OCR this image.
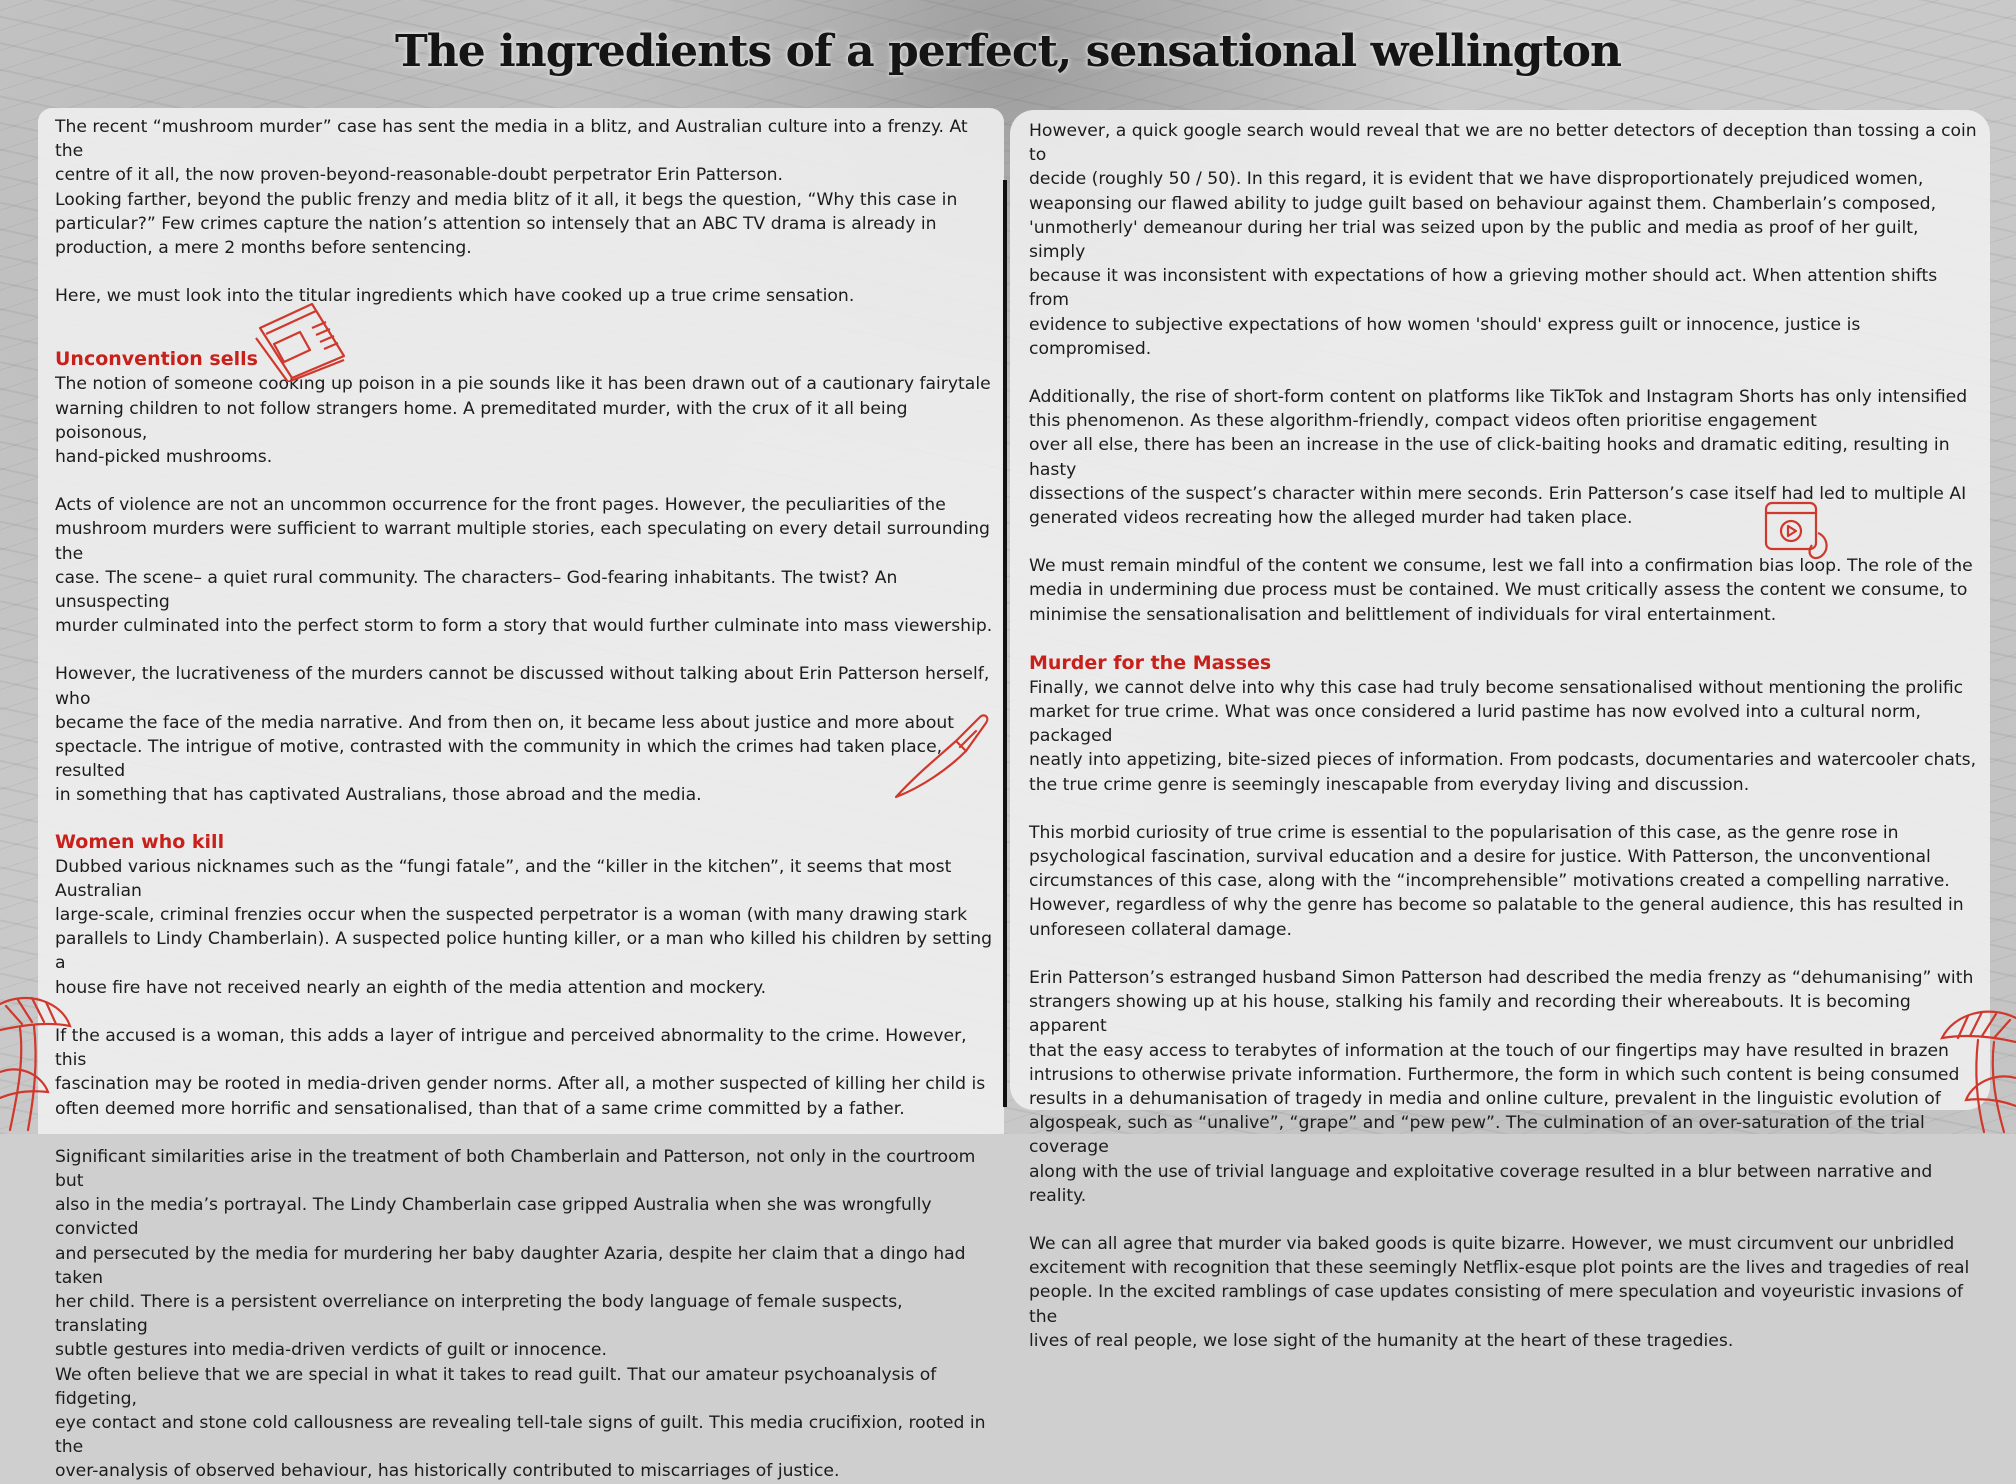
The ingredients of a perfect, sensational wellington

The recent “mushroom murder” case has sent the media in a blitz, and Australian culture into a frenzy. At the
centre of it all, the now proven-beyond-reasonable-doubt perpetrator Erin Patterson.
Looking farther, beyond the public frenzy and media blitz of it all, it begs the question, “Why this case in
particular?” Few crimes capture the nation’s attention so intensely that an ABC TV drama is already in
production, a mere 2 months before sentencing.

Here, we must look into the titular ingredients which have cooked up a true crime sensation.

Unconvention sells

The notion of someone cooking up poison in a pie sounds like it has been drawn out of a cautionary fairytale
warning children to not follow strangers home. A premeditated murder, with the crux of it all being poisonous,
hand-picked mushrooms.

Acts of violence are not an uncommon occurrence for the front pages. However, the peculiarities of the
mushroom murders were sufficient to warrant multiple stories, each speculating on every detail surrounding the
case. The scene– a quiet rural community. The characters– God-fearing inhabitants. The twist? An unsuspecting
murder culminated into the perfect storm to form a story that would further culminate into mass viewership.

However, the lucrativeness of the murders cannot be discussed without talking about Erin Patterson herself, who
became the face of the media narrative. And from then on, it became less about justice and more about
spectacle. The intrigue of motive, contrasted with the community in which the crimes had taken place, resulted
in something that has captivated Australians, those abroad and the media.

Women who kill

Dubbed various nicknames such as the “fungi fatale”, and the “killer in the kitchen”, it seems that most Australian
large-scale, criminal frenzies occur when the suspected perpetrator is a woman (with many drawing stark
parallels to Lindy Chamberlain). A suspected police hunting killer, or a man who killed his children by setting a
house fire have not received nearly an eighth of the media attention and mockery.

If the accused is a woman, this adds a layer of intrigue and perceived abnormality to the crime. However, this
fascination may be rooted in media-driven gender norms. After all, a mother suspected of killing her child is
often deemed more horrific and sensationalised, than that of a same crime committed by a father.

Significant similarities arise in the treatment of both Chamberlain and Patterson, not only in the courtroom but
also in the media’s portrayal. The Lindy Chamberlain case gripped Australia when she was wrongfully convicted
and persecuted by the media for murdering her baby daughter Azaria, despite her claim that a dingo had taken
her child. There is a persistent overreliance on interpreting the body language of female suspects, translating
subtle gestures into media-driven verdicts of guilt or innocence.
We often believe that we are special in what it takes to read guilt. That our amateur psychoanalysis of fidgeting,
eye contact and stone cold callousness are revealing tell-tale signs of guilt. This media crucifixion, rooted in the
over-analysis of observed behaviour, has historically contributed to miscarriages of justice.

However, a quick google search would reveal that we are no better detectors of deception than tossing a coin to
decide (roughly 50 / 50). In this regard, it is evident that we have disproportionately prejudiced women,
weaponsing our flawed ability to judge guilt based on behaviour against them. Chamberlain’s composed,
'unmotherly' demeanour during her trial was seized upon by the public and media as proof of her guilt, simply
because it was inconsistent with expectations of how a grieving mother should act. When attention shifts from
evidence to subjective expectations of how women 'should' express guilt or innocence, justice is compromised.

Additionally, the rise of short-form content on platforms like TikTok and Instagram Shorts has only intensified
this phenomenon. As these algorithm-friendly, compact videos often prioritise engagement
over all else, there has been an increase in the use of click-baiting hooks and dramatic editing, resulting in hasty
dissections of the suspect’s character within mere seconds. Erin Patterson’s case itself had led to multiple AI
generated videos recreating how the alleged murder had taken place.

We must remain mindful of the content we consume, lest we fall into a confirmation bias loop. The role of the
media in undermining due process must be contained. We must critically assess the content we consume, to
minimise the sensationalisation and belittlement of individuals for viral entertainment.

Murder for the Masses

Finally, we cannot delve into why this case had truly become sensationalised without mentioning the prolific
market for true crime. What was once considered a lurid pastime has now evolved into a cultural norm, packaged
neatly into appetizing, bite-sized pieces of information. From podcasts, documentaries and watercooler chats,
the true crime genre is seemingly inescapable from everyday living and discussion.

This morbid curiosity of true crime is essential to the popularisation of this case, as the genre rose in
psychological fascination, survival education and a desire for justice. With Patterson, the unconventional
circumstances of this case, along with the “incomprehensible” motivations created a compelling narrative.
However, regardless of why the genre has become so palatable to the general audience, this has resulted in
unforeseen collateral damage.

Erin Patterson’s estranged husband Simon Patterson had described the media frenzy as “dehumanising” with
strangers showing up at his house, stalking his family and recording their whereabouts. It is becoming apparent
that the easy access to terabytes of information at the touch of our fingertips may have resulted in brazen
intrusions to otherwise private information. Furthermore, the form in which such content is being consumed
results in a dehumanisation of tragedy in media and online culture, prevalent in the linguistic evolution of
algospeak, such as “unalive”, “grape” and “pew pew”. The culmination of an over-saturation of the trial coverage
along with the use of trivial language and exploitative coverage resulted in a blur between narrative and reality.

We can all agree that murder via baked goods is quite bizarre. However, we must circumvent our unbridled
excitement with recognition that these seemingly Netflix-esque plot points are the lives and tragedies of real
people. In the excited ramblings of case updates consisting of mere speculation and voyeuristic invasions of the
lives of real people, we lose sight of the humanity at the heart of these tragedies.
